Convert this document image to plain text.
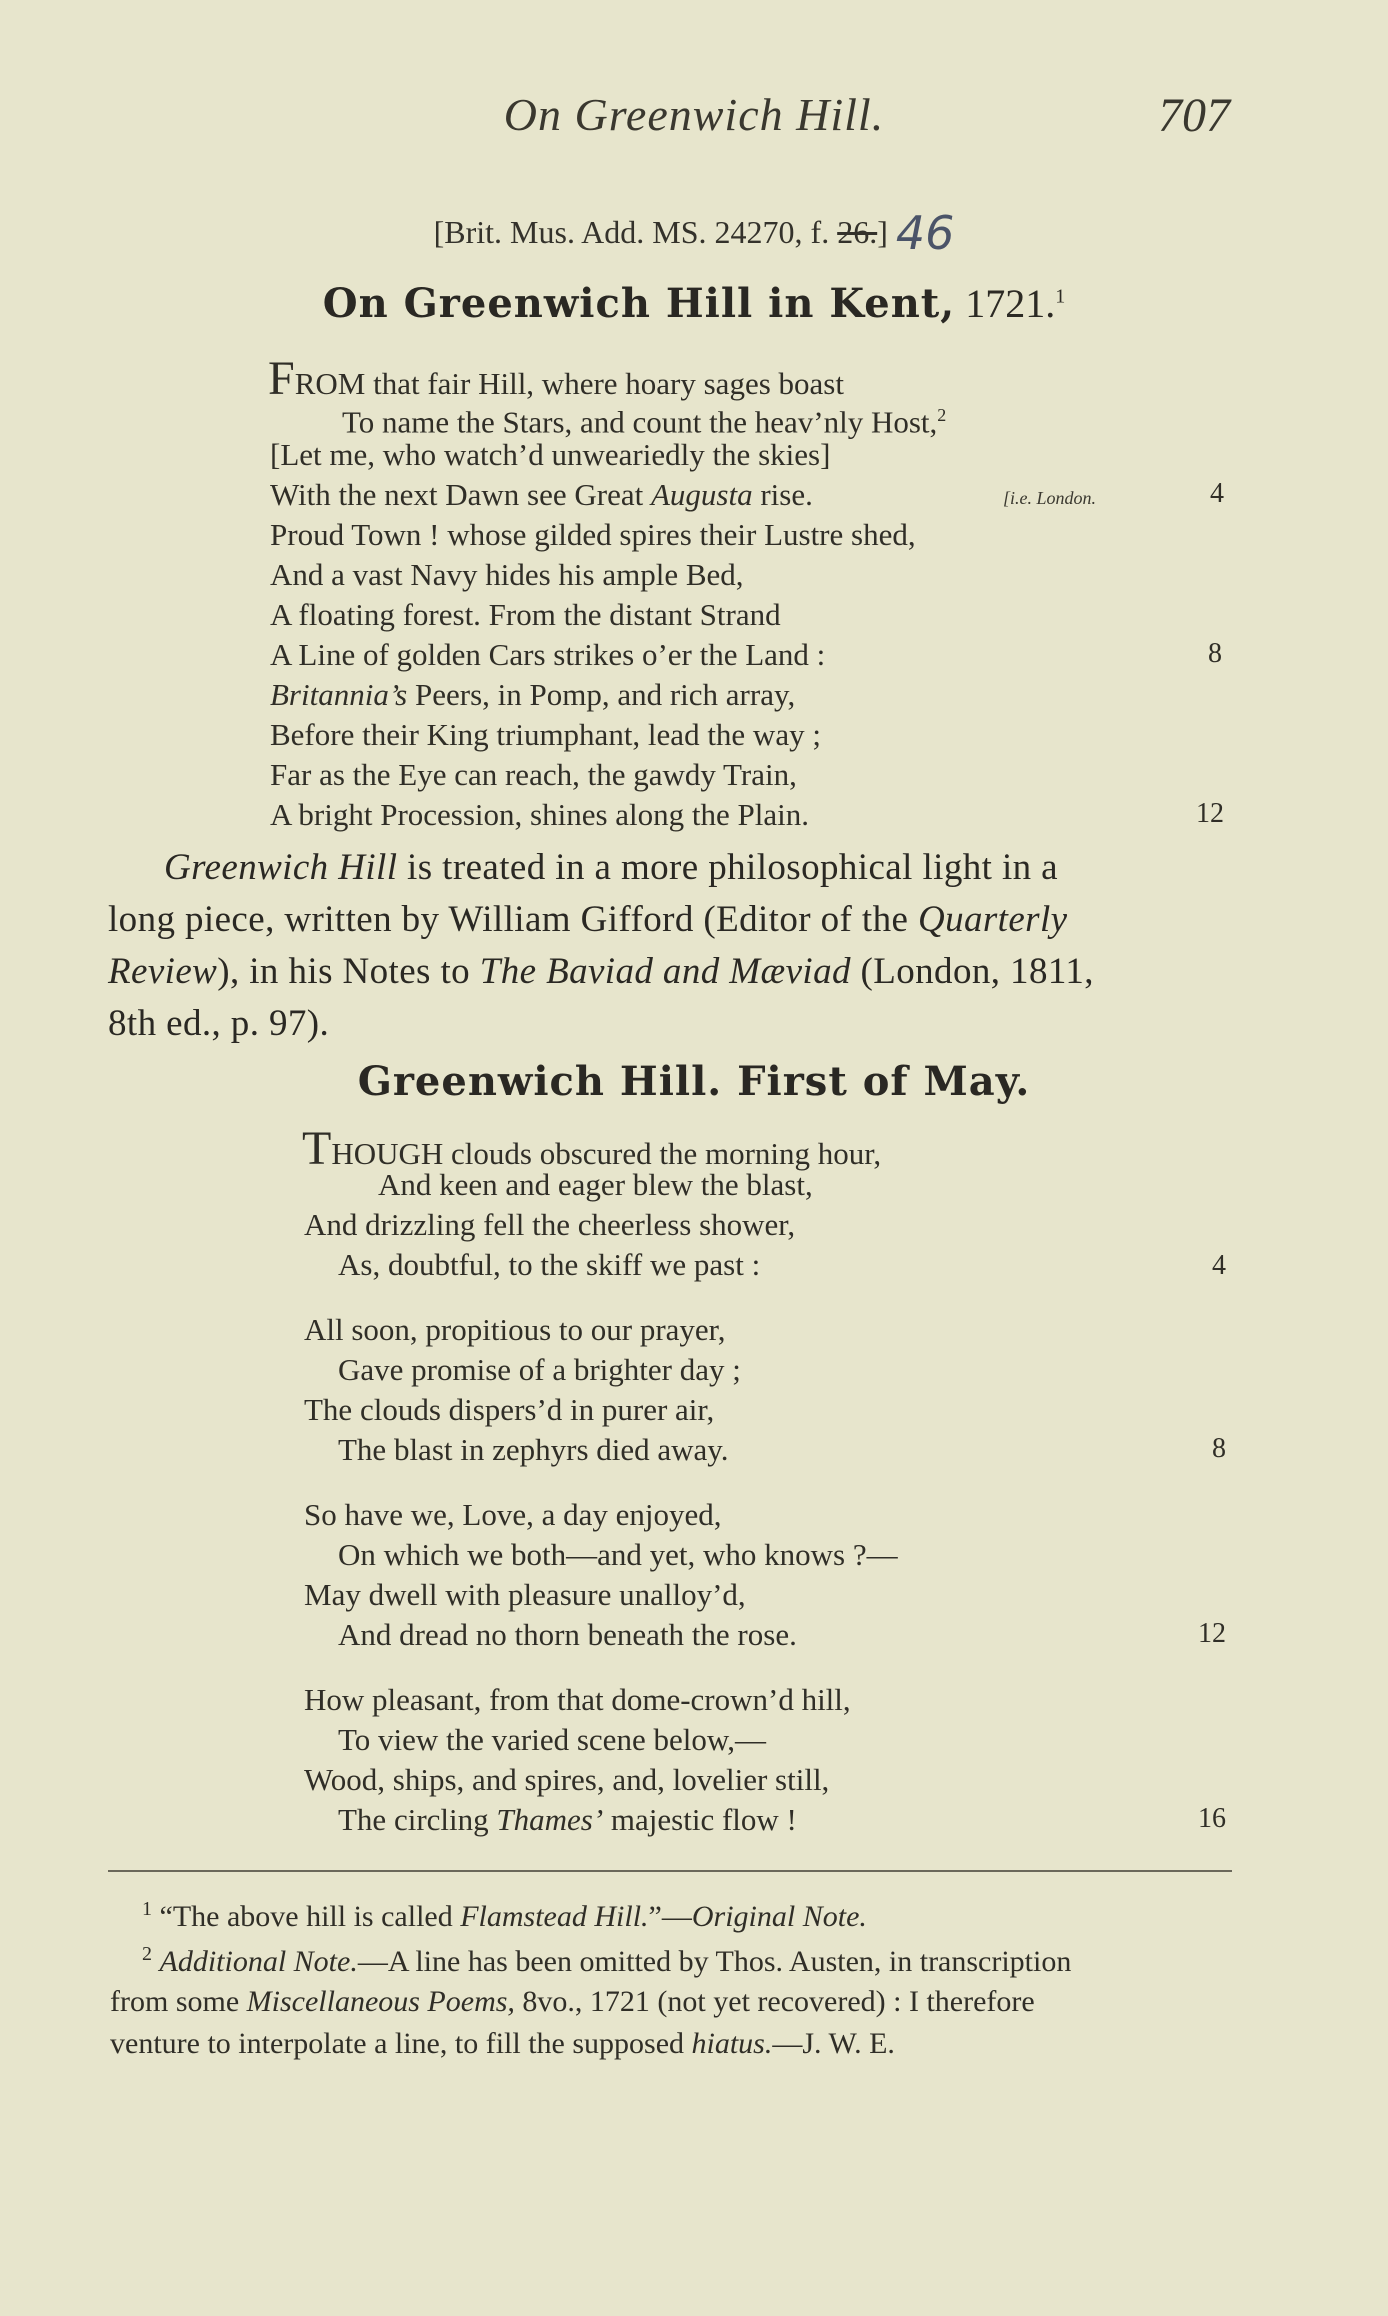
On Greenwich Hill.	707
[Brit. Mus. Add. MS. 24270, f. 26.] 46
On Greenwich Hill in Kent, 1721.$^1$
FROM that fair Hill, where hoary sages boast
To name the Stars, and count the heav’nly Host,$^2$
[Let me, who watch’d unweariedly the skies]
With the next Dawn see Great Augusta rise.	[i.e. London.	4
Proud Town ! whose gilded spires their Lustre shed,
And a vast Navy hides his ample Bed,
A floating forest. From the distant Strand
A Line of golden Cars strikes o’er the Land :	8
Britannia’s Peers, in Pomp, and rich array,
Before their King triumphant, lead the way ;
Far as the Eye can reach, the gawdy Train,
A bright Procession, shines along the Plain.	12
Greenwich Hill is treated in a more philosophical light in a
long piece, written by William Gifford (Editor of the Quarterly
Review), in his Notes to The Baviad and Mæviad (London, 1811,
8th ed., p. 97).
Greenwich Hill. First of May.
THOUGH clouds obscured the morning hour,
And keen and eager blew the blast,
And drizzling fell the cheerless shower,
As, doubtful, to the skiff we past :	4
All soon, propitious to our prayer,
Gave promise of a brighter day ;
The clouds dispers’d in purer air,
The blast in zephyrs died away.	8
So have we, Love, a day enjoyed,
On which we both—and yet, who knows ?—
May dwell with pleasure unalloy’d,
And dread no thorn beneath the rose.	12
How pleasant, from that dome-crown’d hill,
To view the varied scene below,—
Wood, ships, and spires, and, lovelier still,
The circling Thames’ majestic flow !	16
$^1$ “The above hill is called Flamstead Hill.”—Original Note.
$^2$ Additional Note.—A line has been omitted by Thos. Austen, in transcription
from some Miscellaneous Poems, 8vo., 1721 (not yet recovered) : I therefore
venture to interpolate a line, to fill the supposed hiatus.—J. W. E.
